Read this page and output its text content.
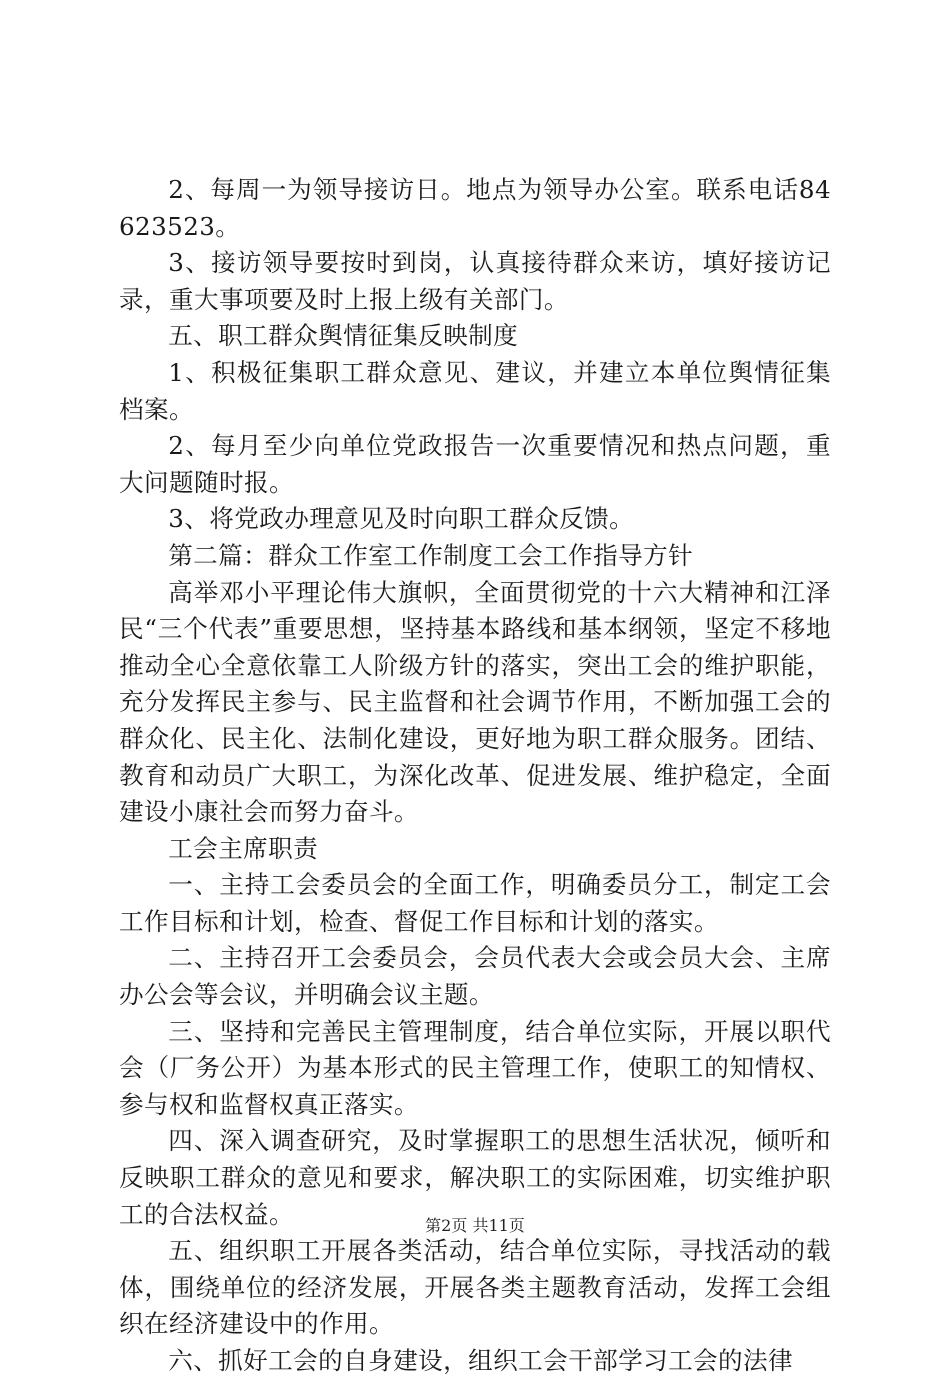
2、每周一为领导接访日。地点为领导办公室。联系电话84623523。

3、接访领导要按时到岗，认真接待群众来访，填好接访记录，重大事项要及时上报上级有关部门。

五、职工群众舆情征集反映制度

1、积极征集职工群众意见、建议，并建立本单位舆情征集档案。

2、每月至少向单位党政报告一次重要情况和热点问题，重大问题随时报。

3、将党政办理意见及时向职工群众反馈。

第二篇：群众工作室工作制度工会工作指导方针

高举邓小平理论伟大旗帜，全面贯彻党的十六大精神和江泽民“三个代表”重要思想，坚持基本路线和基本纲领，坚定不移地推动全心全意依靠工人阶级方针的落实，突出工会的维护职能，充分发挥民主参与、民主监督和社会调节作用，不断加强工会的群众化、民主化、法制化建设，更好地为职工群众服务。团结、教育和动员广大职工，为深化改革、促进发展、维护稳定，全面建设小康社会而努力奋斗。

工会主席职责

一、主持工会委员会的全面工作，明确委员分工，制定工会工作目标和计划，检查、督促工作目标和计划的落实。

二、主持召开工会委员会，会员代表大会或会员大会、主席办公会等会议，并明确会议主题。

三、坚持和完善民主管理制度，结合单位实际，开展以职代会（厂务公开）为基本形式的民主管理工作，使职工的知情权、参与权和监督权真正落实。

四、深入调查研究，及时掌握职工的思想生活状况，倾听和反映职工群众的意见和要求，解决职工的实际困难，切实维护职工的合法权益。

五、组织职工开展各类活动，结合单位实际，寻找活动的载体，围绕单位的经济发展，开展各类主题教育活动，发挥工会组织在经济建设中的作用。

六、抓好工会的自身建设，组织工会干部学习工会的法律

第2页 共11页
